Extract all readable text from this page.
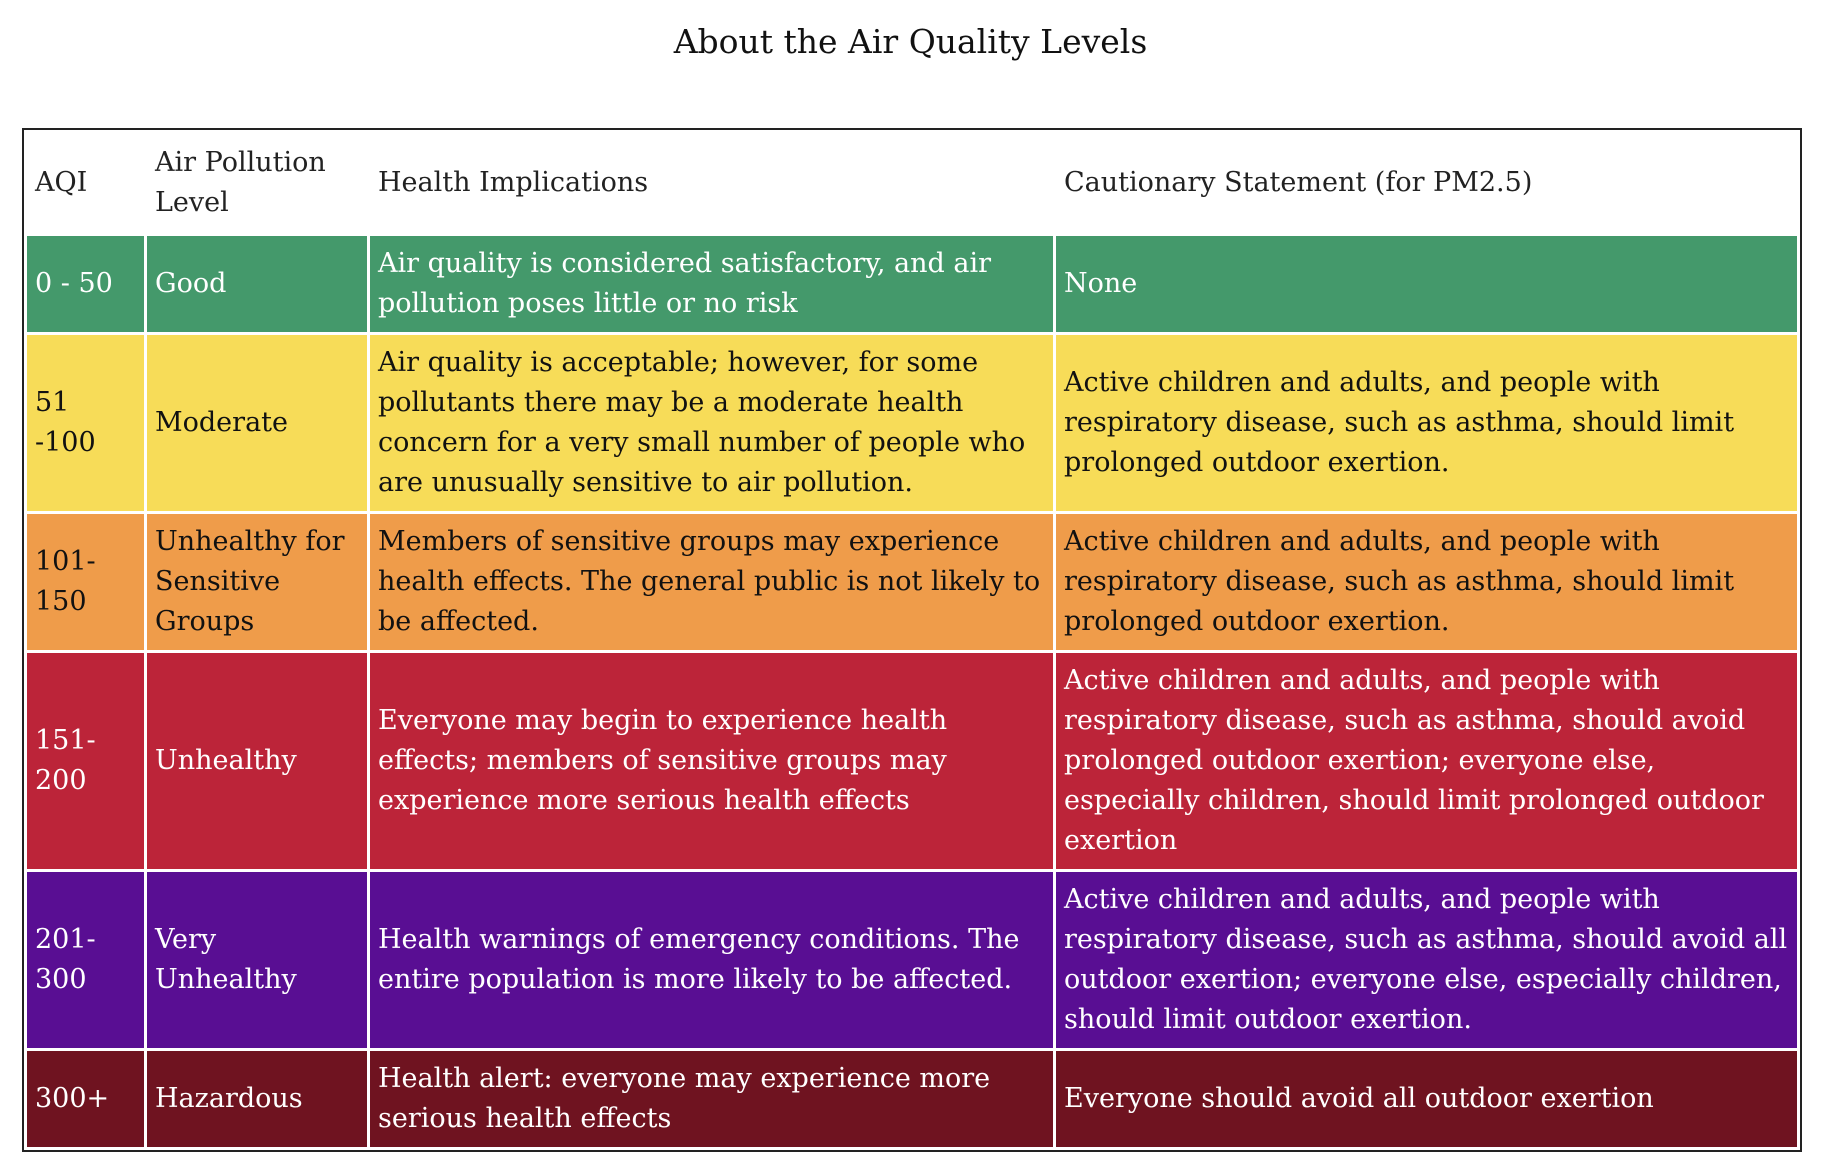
About the Air Quality Levels
AQI	Air Pollution Level	Health Implications	Cautionary Statement (for PM2.5)
0 - 50	Good	Air quality is considered satisfactory, and air pollution poses little or no risk	None
51 -100	Moderate	Air quality is acceptable; however, for some pollutants there may be a moderate health concern for a very small number of people who are unusually sensitive to air pollution.	Active children and adults, and people with respiratory disease, such as asthma, should limit prolonged outdoor exertion.
101-150	Unhealthy for Sensitive Groups	Members of sensitive groups may experience health effects. The general public is not likely to be affected.	Active children and adults, and people with respiratory disease, such as asthma, should limit prolonged outdoor exertion.
151-200	Unhealthy	Everyone may begin to experience health effects; members of sensitive groups may experience more serious health effects	Active children and adults, and people with respiratory disease, such as asthma, should avoid prolonged outdoor exertion; everyone else, especially children, should limit prolonged outdoor exertion
201-300	Very Unhealthy	Health warnings of emergency conditions. The entire population is more likely to be affected.	Active children and adults, and people with respiratory disease, such as asthma, should avoid all outdoor exertion; everyone else, especially children, should limit outdoor exertion.
300+	Hazardous	Health alert: everyone may experience more serious health effects	Everyone should avoid all outdoor exertion
